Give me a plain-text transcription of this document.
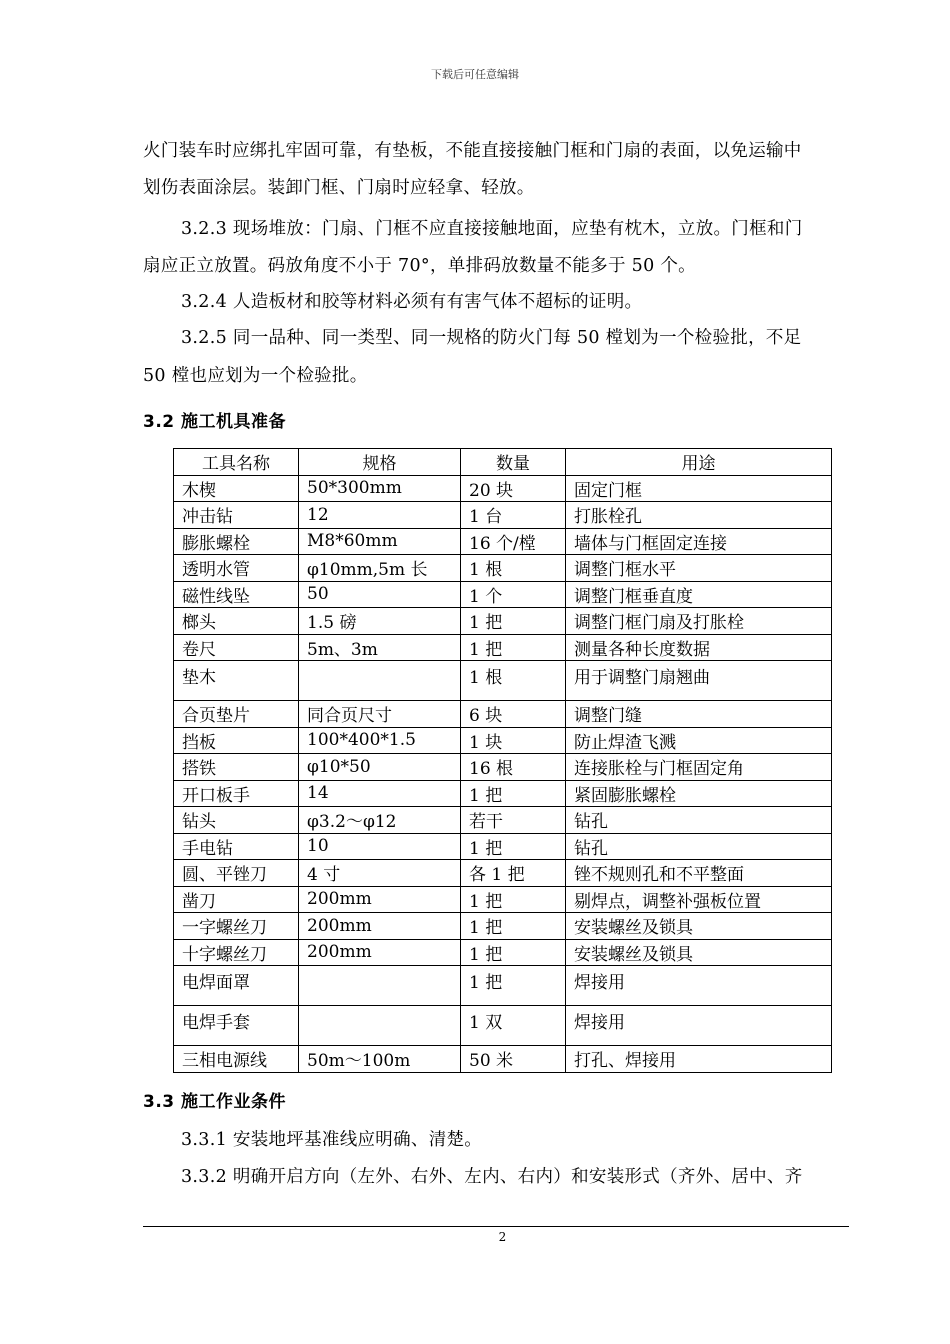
下载后可任意编辑
火门装车时应绑扎牢固可靠，有垫板，不能直接接触门框和门扇的表面，以免运输中
划伤表面涂层。装卸门框、门扇时应轻拿、轻放。
3.2.3 现场堆放：门扇、门框不应直接接触地面，应垫有枕木，立放。门框和门
扇应正立放置。码放角度不小于 70°，单排码放数量不能多于 50 个。
3.2.4 人造板材和胶等材料必须有有害气体不超标的证明。
3.2.5 同一品种、同一类型、同一规格的防火门每 50 樘划为一个检验批，不足
50 樘也应划为一个检验批。
3.2 施工机具准备
工具名称	规格	数量	用途
木楔	50*300mm	20 块	固定门框
冲击钻	12	1 台	打胀栓孔
膨胀螺栓	M8*60mm	16 个/樘	墙体与门框固定连接
透明水管	φ10mm,5m 长	1 根	调整门框水平
磁性线坠	50	1 个	调整门框垂直度
榔头	1.5 磅	1 把	调整门框门扇及打胀栓
卷尺	5m、3m	1 把	测量各种长度数据
垫木		1 根	用于调整门扇翘曲
合页垫片	同合页尺寸	6 块	调整门缝
挡板	100*400*1.5	1 块	防止焊渣飞溅
搭铁	φ10*50	16 根	连接胀栓与门框固定角
开口板手	14	1 把	紧固膨胀螺栓
钻头	φ3.2～φ12	若干	钻孔
手电钻	10	1 把	钻孔
圆、平锉刀	4 寸	各 1 把	锉不规则孔和不平整面
凿刀	200mm	1 把	剔焊点，调整补强板位置
一字螺丝刀	200mm	1 把	安装螺丝及锁具
十字螺丝刀	200mm	1 把	安装螺丝及锁具
电焊面罩		1 把	焊接用
电焊手套		1 双	焊接用
三相电源线	50m～100m	50 米	打孔、焊接用
3.3 施工作业条件
3.3.1 安装地坪基准线应明确、清楚。
3.3.2 明确开启方向（左外、右外、左内、右内）和安装形式（齐外、居中、齐
2
